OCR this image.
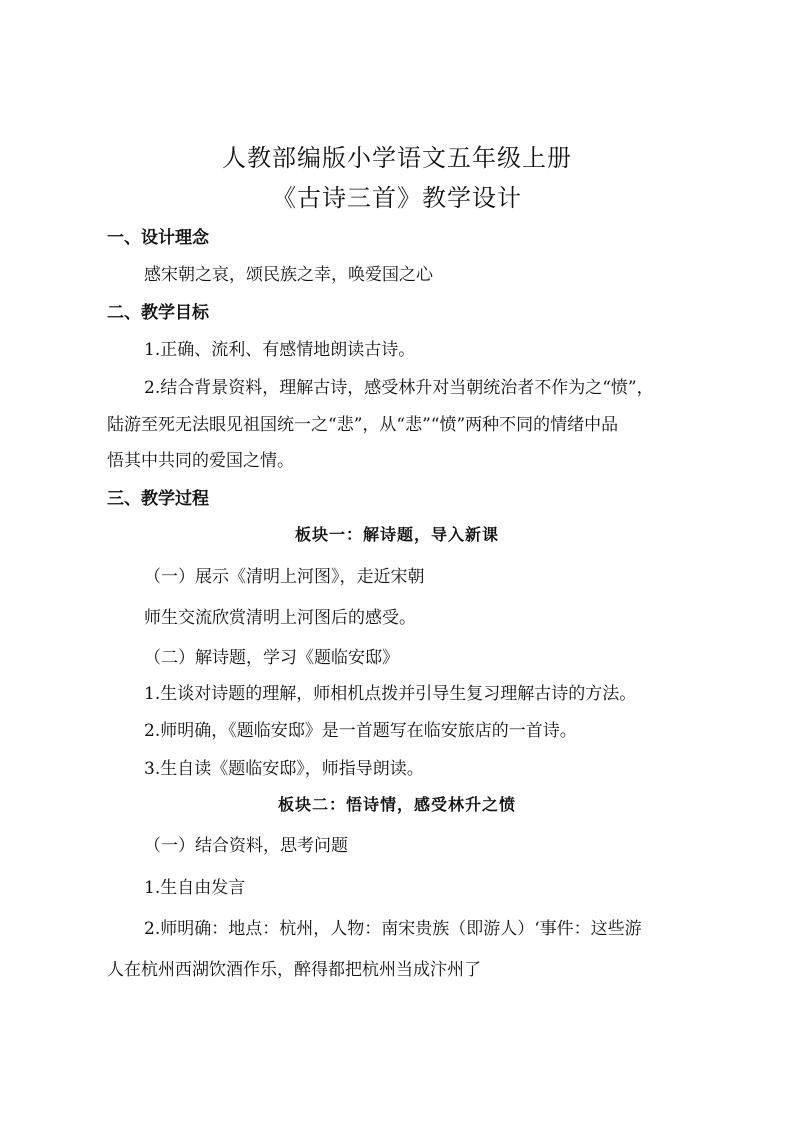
人教部编版小学语文五年级上册
《古诗三首》教学设计
一、设计理念
感宋朝之哀，颂民族之幸，唤爱国之心
二、教学目标
1.正确、流利、有感情地朗读古诗。
2.结合背景资料，理解古诗，感受林升对当朝统治者不作为之“愤”，
陆游至死无法眼见祖国统一之“悲”，从“悲”“愤”两种不同的情绪中品
悟其中共同的爱国之情。
三、教学过程
板块一：解诗题，导入新课
（一）展示《清明上河图》，走近宋朝
师生交流欣赏清明上河图后的感受。
（二）解诗题，学习《题临安邸》
1.生谈对诗题的理解，师相机点拨并引导生复习理解古诗的方法。
2.师明确，《题临安邸》是一首题写在临安旅店的一首诗。
3.生自读《题临安邸》，师指导朗读。
板块二：悟诗情，感受林升之愤
（一）结合资料，思考问题
1.生自由发言
2.师明确：地点：杭州，人物：南宋贵族（即游人）‘事件：这些游
人在杭州西湖饮酒作乐，醉得都把杭州当成汴州了
